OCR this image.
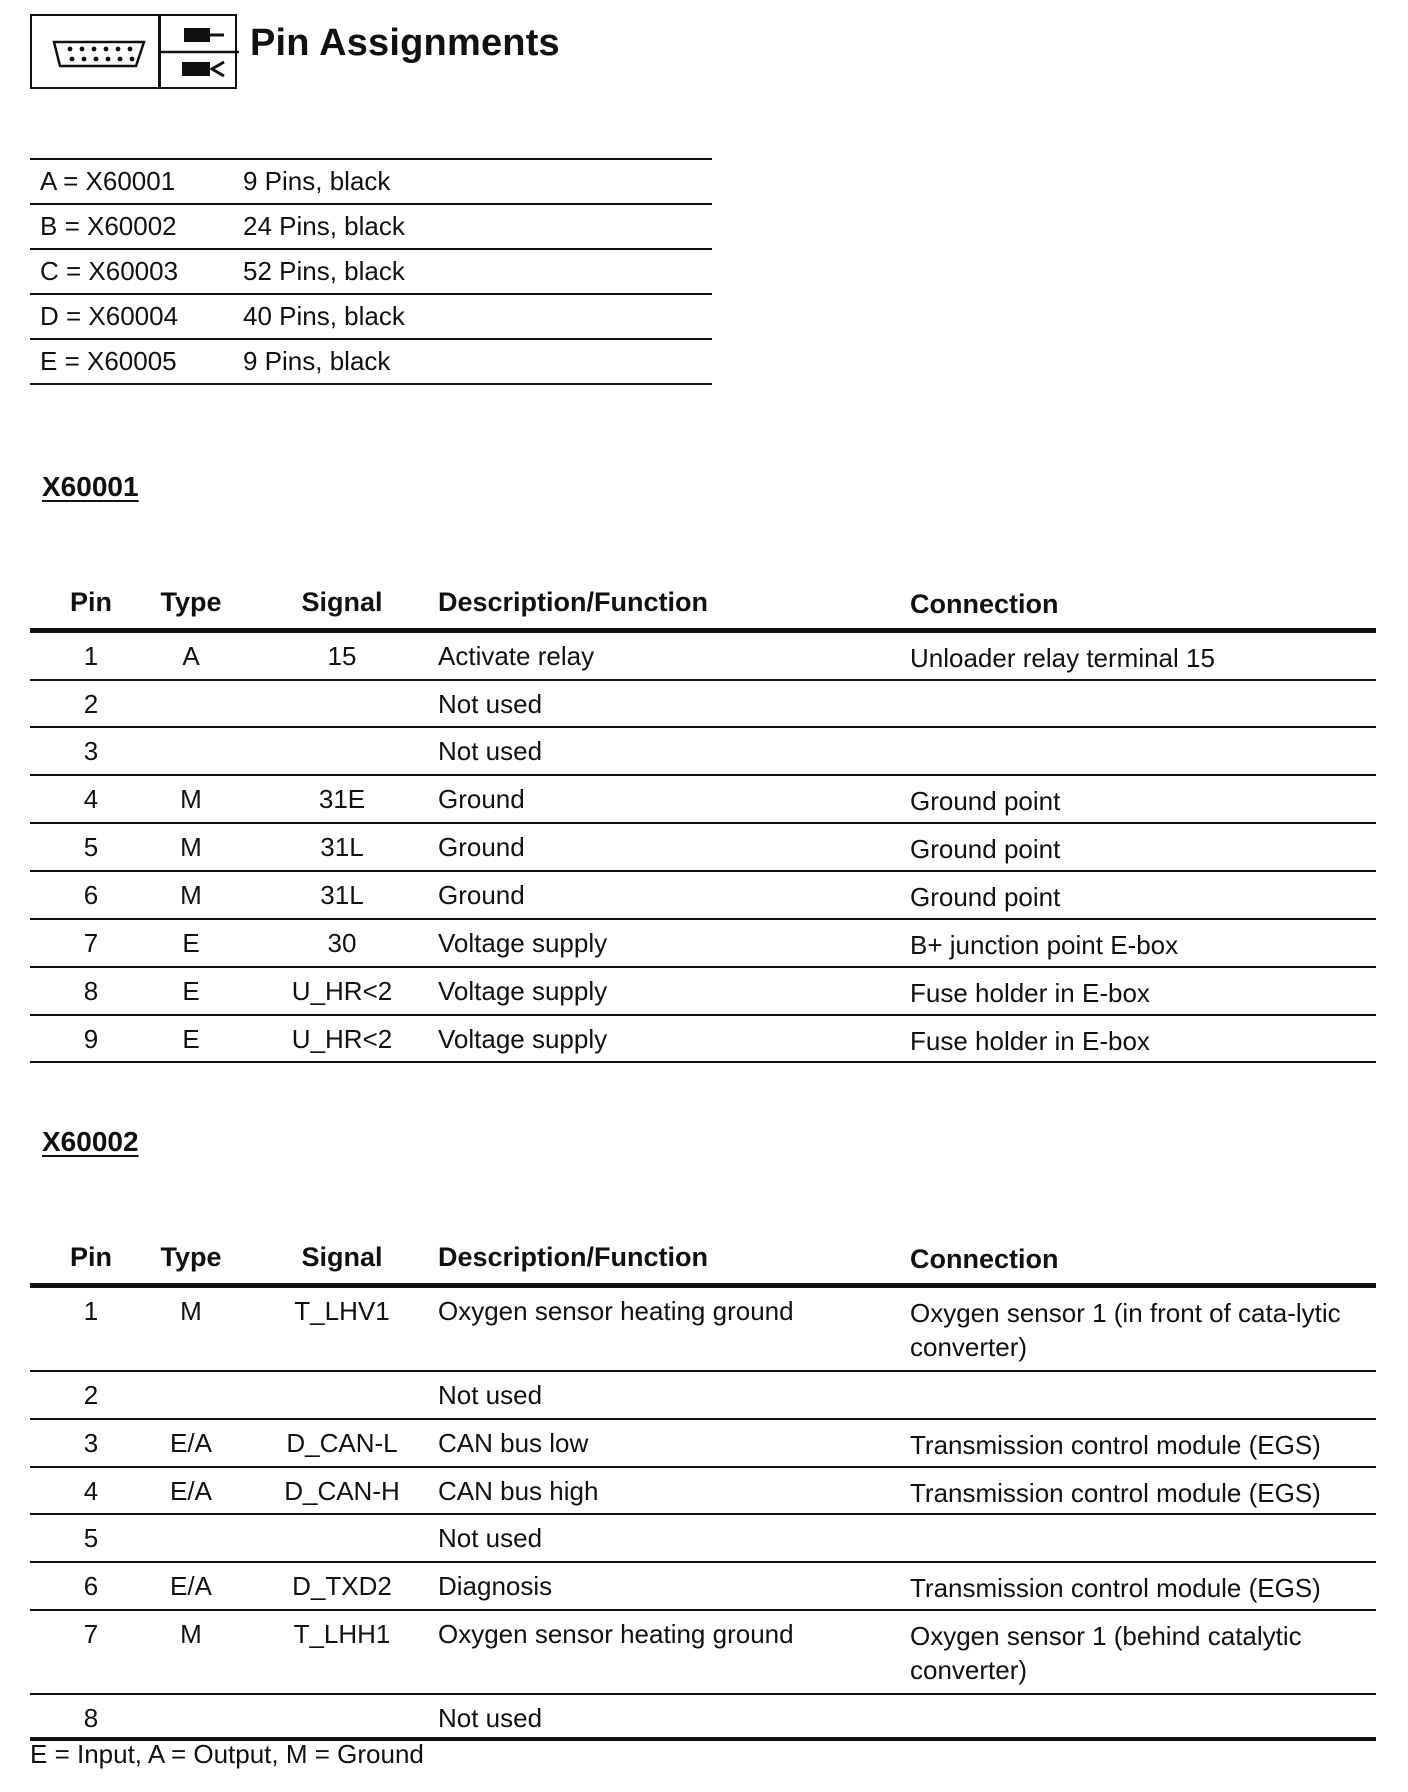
Pin Assignments
A = X60001	9 Pins, black
B = X60002	24 Pins, black
C = X60003 52 Pins, black
D = X60004 40 Pins, black
E = X60005	9 Pins, black
X60001
Pin	Type	Signal	Description/Function	Connection
1	A	15	Activate relay	Unloader relay terminal 15
2	Not used
3	Not used
4	M	31E	Ground	Ground point
5	M	31L	Ground	Ground point
6	M	31L	Ground	Ground point
7	E	30	Voltage supply	B+ junction point E-box
8	E	U_HR<2	Voltage supply	Fuse holder in E-box
9	E	U_HR<2	Voltage supply	Fuse holder in E-box
X60002
Pin	Type	Signal	Description/Function	Connection
1	M	T_LHV1	Oxygen sensor heating ground	Oxygen sensor 1 (in front of cata-lytic converter)
2	Not used
3	E/A	D_CAN-L	CAN bus low	Transmission control module (EGS)
4	E/A	D_CAN-H	CAN bus high	Transmission control module (EGS)
5	Not used
6	E/A	D_TXD2	Diagnosis	Transmission control module (EGS)
7	M	T_LHH1	Oxygen sensor heating ground	Oxygen sensor 1 (behind catalytic converter)
8	Not used
E = Input, A = Output, M = Ground
